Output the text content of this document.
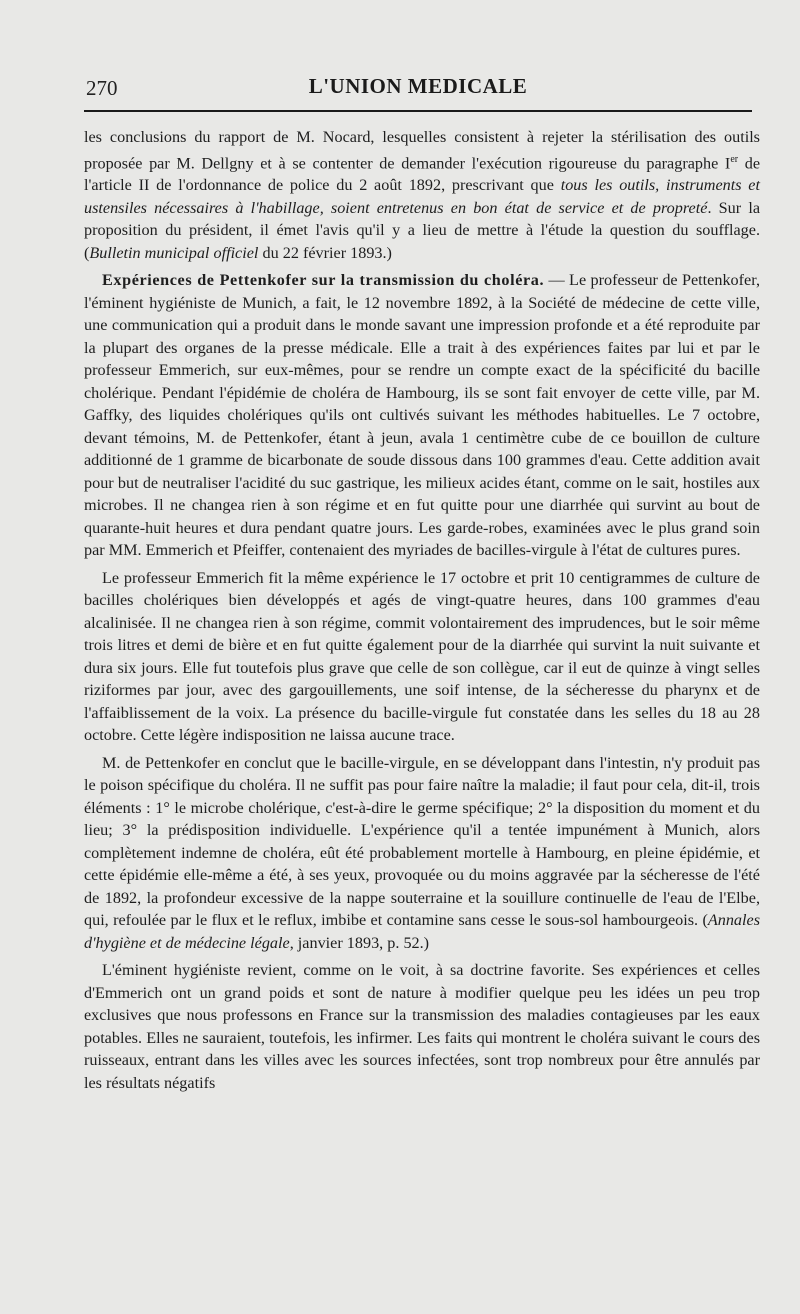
270	L'UNION MEDICALE

les conclusions du rapport de M. Nocard, lesquelles consistent à rejeter la stérilisation des outils proposée par M. Dellgny et à se contenter de demander l'exécution rigoureuse du paragraphe Ier de l'article II de l'ordonnance de police du 2 août 1892, prescrivant que tous les outils, instruments et ustensiles nécessaires à l'habillage, soient entretenus en bon état de service et de propreté. Sur la proposition du président, il émet l'avis qu'il y a lieu de mettre à l'étude la question du soufflage. (Bulletin municipal officiel du 22 février 1893.)

Expériences de Pettenkofer sur la transmission du choléra. — Le professeur de Pettenkofer, l'éminent hygiéniste de Munich, a fait, le 12 novembre 1892, à la Société de médecine de cette ville, une communication qui a produit dans le monde savant une impression profonde et a été reproduite par la plupart des organes de la presse médicale. Elle a trait à des expériences faites par lui et par le professeur Emmerich, sur eux-mêmes, pour se rendre un compte exact de la spécificité du bacille cholérique. Pendant l'épidémie de choléra de Hambourg, ils se sont fait envoyer de cette ville, par M. Gaffky, des liquides cholériques qu'ils ont cultivés suivant les méthodes habituelles. Le 7 octobre, devant témoins, M. de Pettenkofer, étant à jeun, avala 1 centimètre cube de ce bouillon de culture additionné de 1 gramme de bicarbonate de soude dissous dans 100 grammes d'eau. Cette addition avait pour but de neutraliser l'acidité du suc gastrique, les milieux acides étant, comme on le sait, hostiles aux microbes. Il ne changea rien à son régime et en fut quitte pour une diarrhée qui survint au bout de quarante-huit heures et dura pendant quatre jours. Les garde-robes, examinées avec le plus grand soin par MM. Emmerich et Pfeiffer, contenaient des myriades de bacilles-virgule à l'état de cultures pures.

Le professeur Emmerich fit la même expérience le 17 octobre et prit 10 centigrammes de culture de bacilles cholériques bien développés et agés de vingt-quatre heures, dans 100 grammes d'eau alcalinisée. Il ne changea rien à son régime, commit volontairement des imprudences, but le soir même trois litres et demi de bière et en fut quitte également pour de la diarrhée qui survint la nuit suivante et dura six jours. Elle fut toutefois plus grave que celle de son collègue, car il eut de quinze à vingt selles riziformes par jour, avec des gargouillements, une soif intense, de la sécheresse du pharynx et de l'affaiblissement de la voix. La présence du bacille-virgule fut constatée dans les selles du 18 au 28 octobre. Cette légère indisposition ne laissa aucune trace.

M. de Pettenkofer en conclut que le bacille-virgule, en se développant dans l'intestin, n'y produit pas le poison spécifique du choléra. Il ne suffit pas pour faire naître la maladie; il faut pour cela, dit-il, trois éléments : 1° le microbe cholérique, c'est-à-dire le germe spécifique; 2° la disposition du moment et du lieu; 3° la prédisposition individuelle. L'expérience qu'il a tentée impunément à Munich, alors complètement indemne de choléra, eût été probablement mortelle à Hambourg, en pleine épidémie, et cette épidémie elle-même a été, à ses yeux, provoquée ou du moins aggravée par la sécheresse de l'été de 1892, la profondeur excessive de la nappe souterraine et la souillure continuelle de l'eau de l'Elbe, qui, refoulée par le flux et le reflux, imbibe et contamine sans cesse le sous-sol hambourgeois. (Annales d'hygiène et de médecine légale, janvier 1893, p. 52.)

L'éminent hygiéniste revient, comme on le voit, à sa doctrine favorite. Ses expériences et celles d'Emmerich ont un grand poids et sont de nature à modifier quelque peu les idées un peu trop exclusives que nous professons en France sur la transmission des maladies contagieuses par les eaux potables. Elles ne sauraient, toutefois, les infirmer. Les faits qui montrent le choléra suivant le cours des ruisseaux, entrant dans les villes avec les sources infectées, sont trop nombreux pour être annulés par les résultats négatifs
